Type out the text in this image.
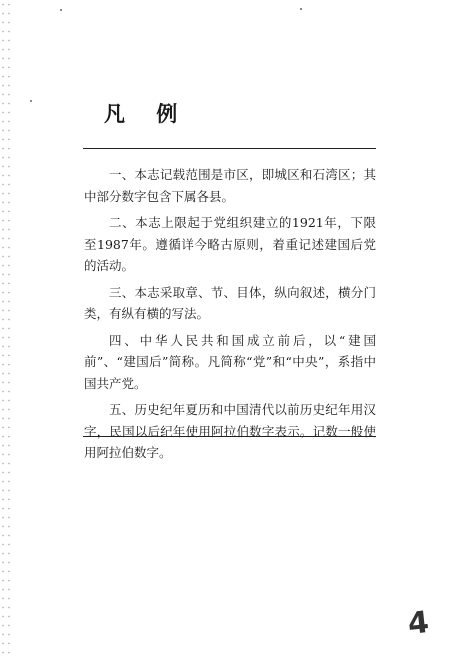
凡 例

一、本志记载范围是市区，即城区和石湾区；其中部分数字包含下属各县。

二、本志上限起于党组织建立的1921年，下限至1987年。遵循详今略古原则，着重记述建国后党的活动。

三、本志采取章、节、目体，纵向叙述，横分门类，有纵有横的写法。

四、中华人民共和国成立前后，以“建国前”、“建国后”简称。凡简称“党”和“中央”，系指中国共产党。

五、历史纪年夏历和中国清代以前历史纪年用汉字，民国以后纪年使用阿拉伯数字表示。记数一般使用阿拉伯数字。

4
